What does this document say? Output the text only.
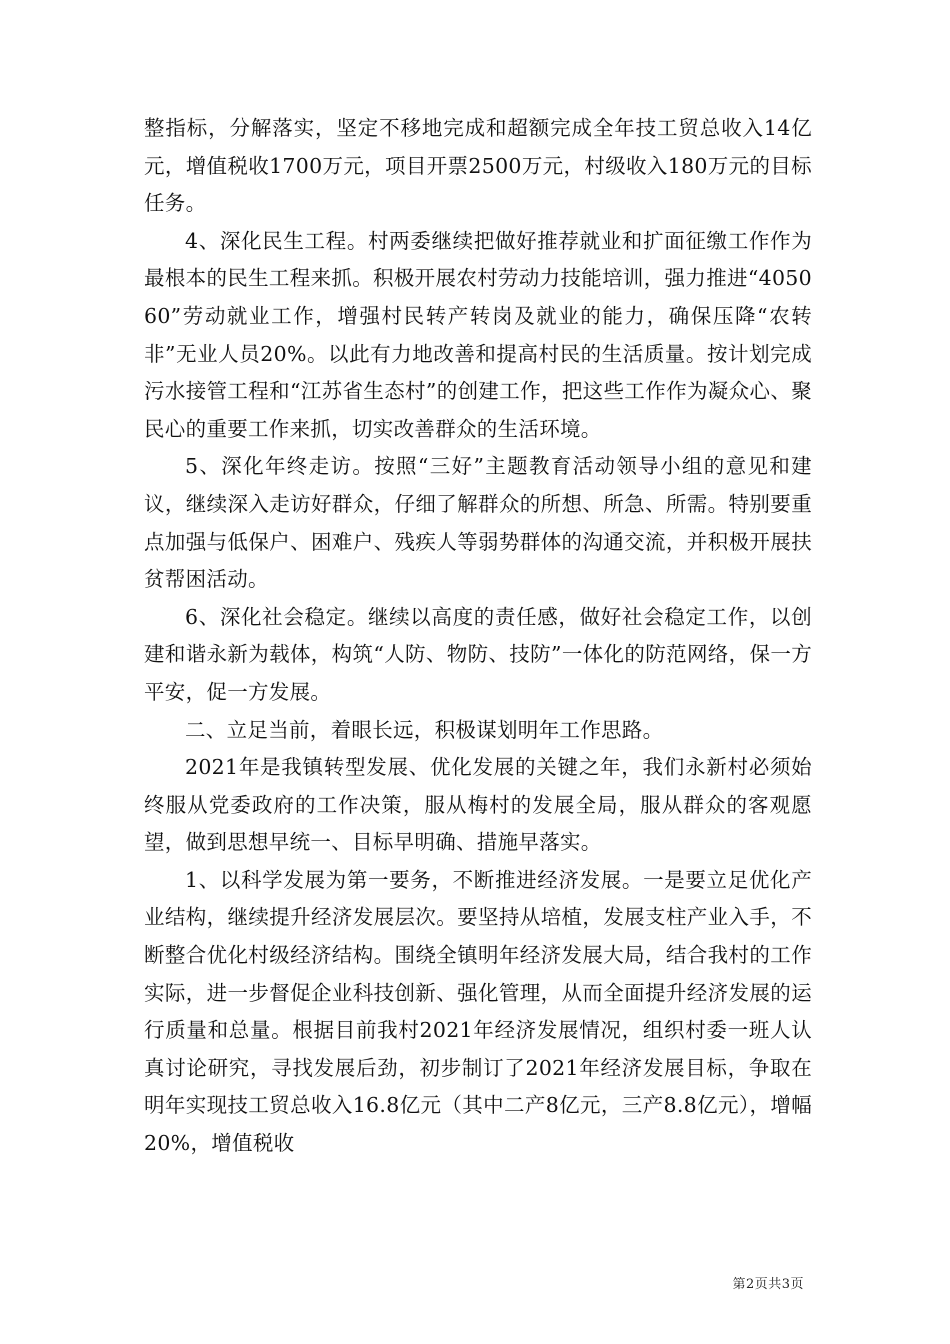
整指标，分解落实，坚定不移地完成和超额完成全年技工贸总收入14亿元，增值税收1700万元，项目开票2500万元，村级收入180万元的目标任务。

4、深化民生工程。村两委继续把做好推荐就业和扩面征缴工作作为最根本的民生工程来抓。积极开展农村劳动力技能培训，强力推进“405060”劳动就业工作，增强村民转产转岗及就业的能力，确保压降“农转非”无业人员20%。以此有力地改善和提高村民的生活质量。按计划完成污水接管工程和“江苏省生态村”的创建工作，把这些工作作为凝众心、聚民心的重要工作来抓，切实改善群众的生活环境。

5、深化年终走访。按照“三好”主题教育活动领导小组的意见和建议，继续深入走访好群众，仔细了解群众的所想、所急、所需。特别要重点加强与低保户、困难户、残疾人等弱势群体的沟通交流，并积极开展扶贫帮困活动。

6、深化社会稳定。继续以高度的责任感，做好社会稳定工作，以创建和谐永新为载体，构筑“人防、物防、技防”一体化的防范网络，保一方平安，促一方发展。

二、立足当前，着眼长远，积极谋划明年工作思路。

2021年是我镇转型发展、优化发展的关键之年，我们永新村必须始终服从党委政府的工作决策，服从梅村的发展全局，服从群众的客观愿望，做到思想早统一、目标早明确、措施早落实。

1、以科学发展为第一要务，不断推进经济发展。一是要立足优化产业结构，继续提升经济发展层次。要坚持从培植，发展支柱产业入手，不断整合优化村级经济结构。围绕全镇明年经济发展大局，结合我村的工作实际，进一步督促企业科技创新、强化管理，从而全面提升经济发展的运行质量和总量。根据目前我村2021年经济发展情况，组织村委一班人认真讨论研究，寻找发展后劲，初步制订了2021年经济发展目标，争取在明年实现技工贸总收入16.8亿元（其中二产8亿元，三产8.8亿元），增幅20%，增值税收

第2页共3页
